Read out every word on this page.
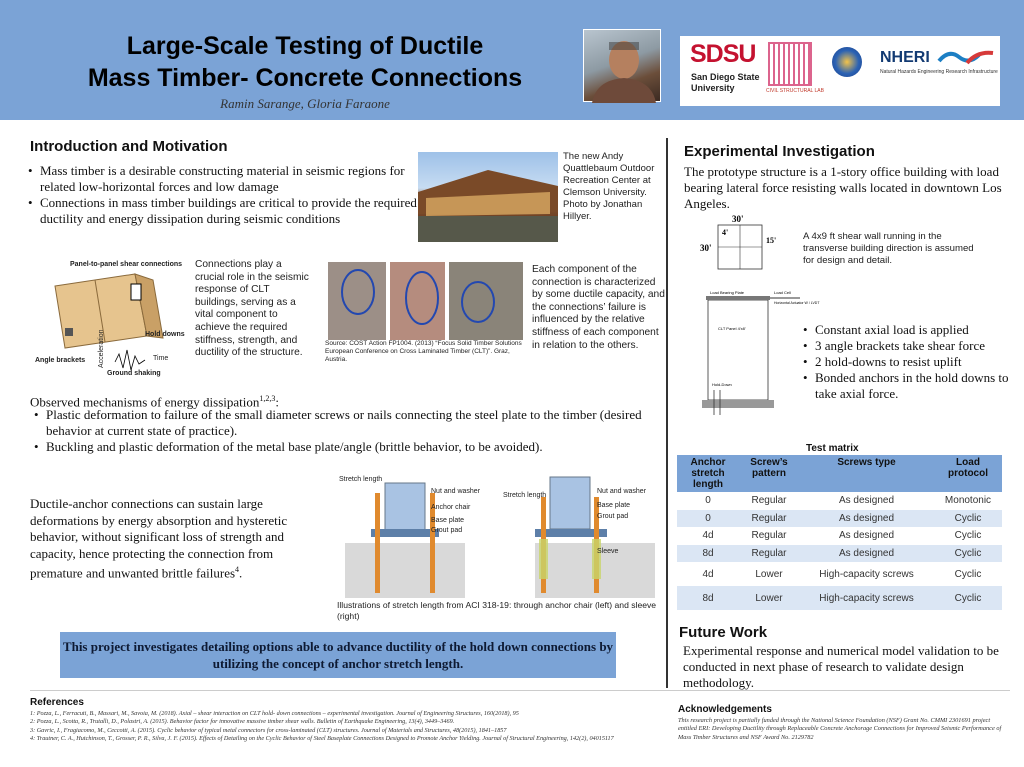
Large-Scale Testing of Ductile
Mass Timber- Concrete Connections
Ramin Sarange, Gloria Faraone
SDSU
San Diego State
University	CIVIL STRUCTURAL LAB
NHERI
Natural Hazards Engineering Research Infrastructure
Introduction and Motivation
• Mass timber is a desirable constructing material in seismic regions for related low-horizontal forces and low damage
• Connections in mass timber buildings are critical to provide the required ductility and energy dissipation during seismic conditions
The new Andy Quattlebaum Outdoor Recreation Center at Clemson University. Photo by Jonathan Hillyer.
Panel-to-panel shear connections
Hold downs
Angle brackets
Ground shaking
Time
Acceleration
Connections play a crucial role in the seismic response of CLT buildings, serving as a vital component to achieve the required stiffness, strength, and ductility of the structure.
Source: COST Action FP1004. (2013) “Focus Solid Timber Solutions European Conference on Cross Laminated Timber (CLT)”. Graz, Austria.
Each component of the connection is characterized by some ductile capacity, and the connections’ failure is influenced by the relative stiffness of each component in relation to the others.
Observed mechanisms of energy dissipation$^{1,2,3}$:
• Plastic deformation to failure of the small diameter screws or nails connecting the steel plate to the timber (desired behavior at current state of practice).
• Buckling and plastic deformation of the metal base plate/angle (brittle behavior, to be avoided).
Ductile-anchor connections can sustain large deformations by energy absorption and hysteretic behavior, without significant loss of strength and capacity, hence protecting the connection from premature and unwanted brittle failures$^4$.
Stretch length
Nut and washer
Anchor chair
Base plate
Grout pad
Stretch length
Nut and washer
Base plate
Grout pad
Sleeve
Illustrations of stretch length from ACI 318-19: through anchor chair (left) and sleeve (right)
This project investigates detailing options able to advance ductility of the hold down connections by utilizing the concept of anchor stretch length.
Experimental Investigation
The prototype structure is a 1-story office building with load bearing lateral force resisting walls located in downtown Los Angeles.
30'
30'
4'
15'	A 4x9 ft shear wall running in the transverse building direction is assumed for design and detail.
Load Bearing Plate	Load Cell
Horizontal Actuator W / LVDT
CLT Panel 4'x8'
Hold-Down
• Constant axial load is applied
• 3 angle brackets take shear force
• 2 hold-downs to resist uplift
• Bonded anchors in the hold downs to take axial force.
Test matrix
Anchor stretch length	Screw’s pattern	Screws type	Load protocol
0	Regular	As designed	Monotonic
0	Regular	As designed	Cyclic
4d	Regular	As designed	Cyclic
8d	Regular	As designed	Cyclic
4d	Lower	High-capacity screws	Cyclic
8d	Lower	High-capacity screws	Cyclic
Future Work
Experimental response and numerical model validation to be conducted in next phase of research to validate design methodology.
References
1: Pozza, L., Ferracuti, B., Massari, M., Savoia, M. (2018). Axial – shear interaction on CLT hold- down connections – experimental investigation. Journal of Engineering Structures, 160(2018), 95
2: Pozza, L., Scotta, R., Trutalli, D., Polastri, A. (2015). Behavior factor for innovative massive timber shear walls. Bulletin of Earthquake Engineering, 13(4), 3449–3469.
3: Gavric, I., Fragiacomo, M., Ceccotti, A. (2015). Cyclic behavior of typical metal connectors for cross-laminated (CLT) structures. Journal of Materials and Structures, 48(2015), 1841–1857
4: Trautner, C. A., Hutchinson, T., Grosser, P. R., Silva, J. F. (2015). Effects of Detailing on the Cyclic Behavior of Steel Baseplate Connections Designed to Promote Anchor Yielding. Journal of Structural Engineering, 142(2), 04015117
Acknowledgements
This research project is partially funded through the National Science Foundation (NSF) Grant No. CMMI 2301691 project entitled ERI: Developing Ductility through Replaceable Concrete Anchorage Connections for Improved Seismic Performance of Mass Timber Structures and NSF Award No. 2129782
